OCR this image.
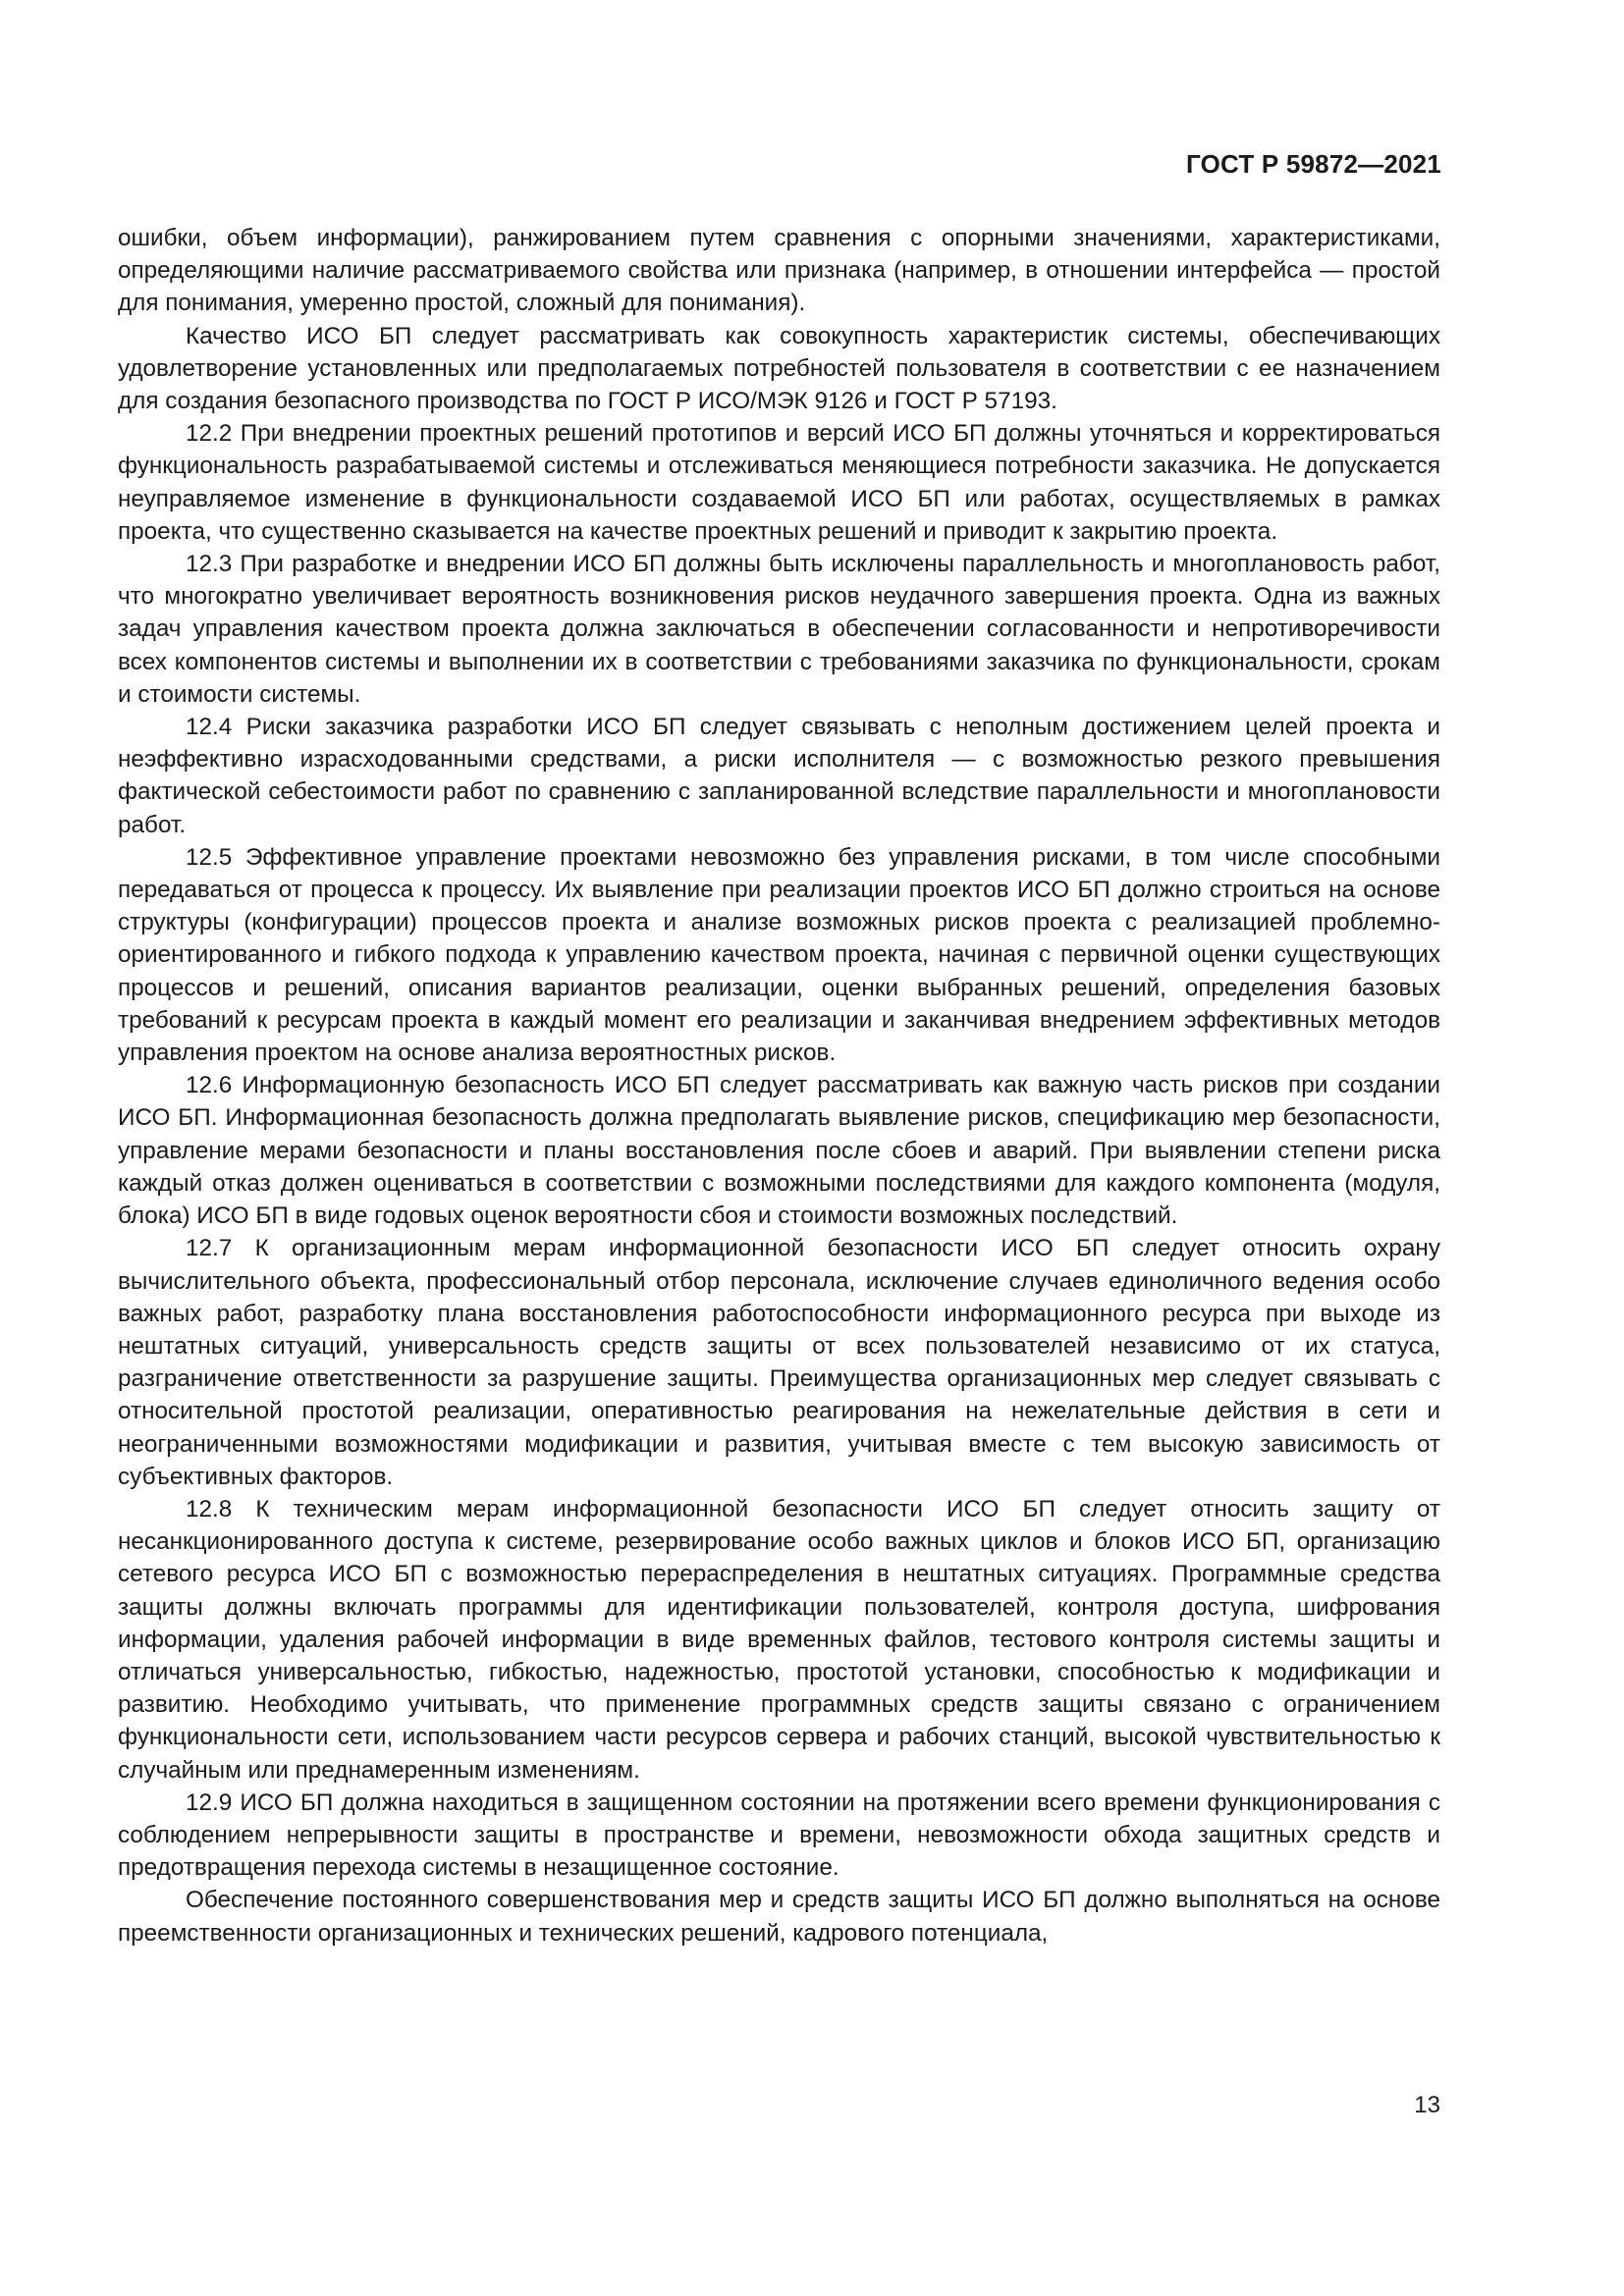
ГОСТ Р 59872—2021

ошибки, объем информации), ранжированием путем сравнения с опорными значениями, характеристиками, определяющими наличие рассматриваемого свойства или признака (например, в отношении интерфейса — простой для понимания, умеренно простой, сложный для понимания).

Качество ИСО БП следует рассматривать как совокупность характеристик системы, обеспечивающих удовлетворение установленных или предполагаемых потребностей пользователя в соответствии с ее назначением для создания безопасного производства по ГОСТ Р ИСО/МЭК 9126 и ГОСТ Р 57193.

12.2 При внедрении проектных решений прототипов и версий ИСО БП должны уточняться и корректироваться функциональность разрабатываемой системы и отслеживаться меняющиеся потребности заказчика. Не допускается неуправляемое изменение в функциональности создаваемой ИСО БП или работах, осуществляемых в рамках проекта, что существенно сказывается на качестве проектных решений и приводит к закрытию проекта.

12.3 При разработке и внедрении ИСО БП должны быть исключены параллельность и многоплановость работ, что многократно увеличивает вероятность возникновения рисков неудачного завершения проекта. Одна из важных задач управления качеством проекта должна заключаться в обеспечении согласованности и непротиворечивости всех компонентов системы и выполнении их в соответствии с требованиями заказчика по функциональности, срокам и стоимости системы.

12.4 Риски заказчика разработки ИСО БП следует связывать с неполным достижением целей проекта и неэффективно израсходованными средствами, а риски исполнителя — с возможностью резкого превышения фактической себестоимости работ по сравнению с запланированной вследствие параллельности и многоплановости работ.

12.5 Эффективное управление проектами невозможно без управления рисками, в том числе способными передаваться от процесса к процессу. Их выявление при реализации проектов ИСО БП должно строиться на основе структуры (конфигурации) процессов проекта и анализе возможных рисков проекта с реализацией проблемно-ориентированного и гибкого подхода к управлению качеством проекта, начиная с первичной оценки существующих процессов и решений, описания вариантов реализации, оценки выбранных решений, определения базовых требований к ресурсам проекта в каждый момент его реализации и заканчивая внедрением эффективных методов управления проектом на основе анализа вероятностных рисков.

12.6 Информационную безопасность ИСО БП следует рассматривать как важную часть рисков при создании ИСО БП. Информационная безопасность должна предполагать выявление рисков, спецификацию мер безопасности, управление мерами безопасности и планы восстановления после сбоев и аварий. При выявлении степени риска каждый отказ должен оцениваться в соответствии с возможными последствиями для каждого компонента (модуля, блока) ИСО БП в виде годовых оценок вероятности сбоя и стоимости возможных последствий.

12.7 К организационным мерам информационной безопасности ИСО БП следует относить охрану вычислительного объекта, профессиональный отбор персонала, исключение случаев единоличного ведения особо важных работ, разработку плана восстановления работоспособности информационного ресурса при выходе из нештатных ситуаций, универсальность средств защиты от всех пользователей независимо от их статуса, разграничение ответственности за разрушение защиты. Преимущества организационных мер следует связывать с относительной простотой реализации, оперативностью реагирования на нежелательные действия в сети и неограниченными возможностями модификации и развития, учитывая вместе с тем высокую зависимость от субъективных факторов.

12.8 К техническим мерам информационной безопасности ИСО БП следует относить защиту от несанкционированного доступа к системе, резервирование особо важных циклов и блоков ИСО БП, организацию сетевого ресурса ИСО БП с возможностью перераспределения в нештатных ситуациях. Программные средства защиты должны включать программы для идентификации пользователей, контроля доступа, шифрования информации, удаления рабочей информации в виде временных файлов, тестового контроля системы защиты и отличаться универсальностью, гибкостью, надежностью, простотой установки, способностью к модификации и развитию. Необходимо учитывать, что применение программных средств защиты связано с ограничением функциональности сети, использованием части ресурсов сервера и рабочих станций, высокой чувствительностью к случайным или преднамеренным изменениям.

12.9 ИСО БП должна находиться в защищенном состоянии на протяжении всего времени функционирования с соблюдением непрерывности защиты в пространстве и времени, невозможности обхода защитных средств и предотвращения перехода системы в незащищенное состояние.

Обеспечение постоянного совершенствования мер и средств защиты ИСО БП должно выполняться на основе преемственности организационных и технических решений, кадрового потенциала,

13
